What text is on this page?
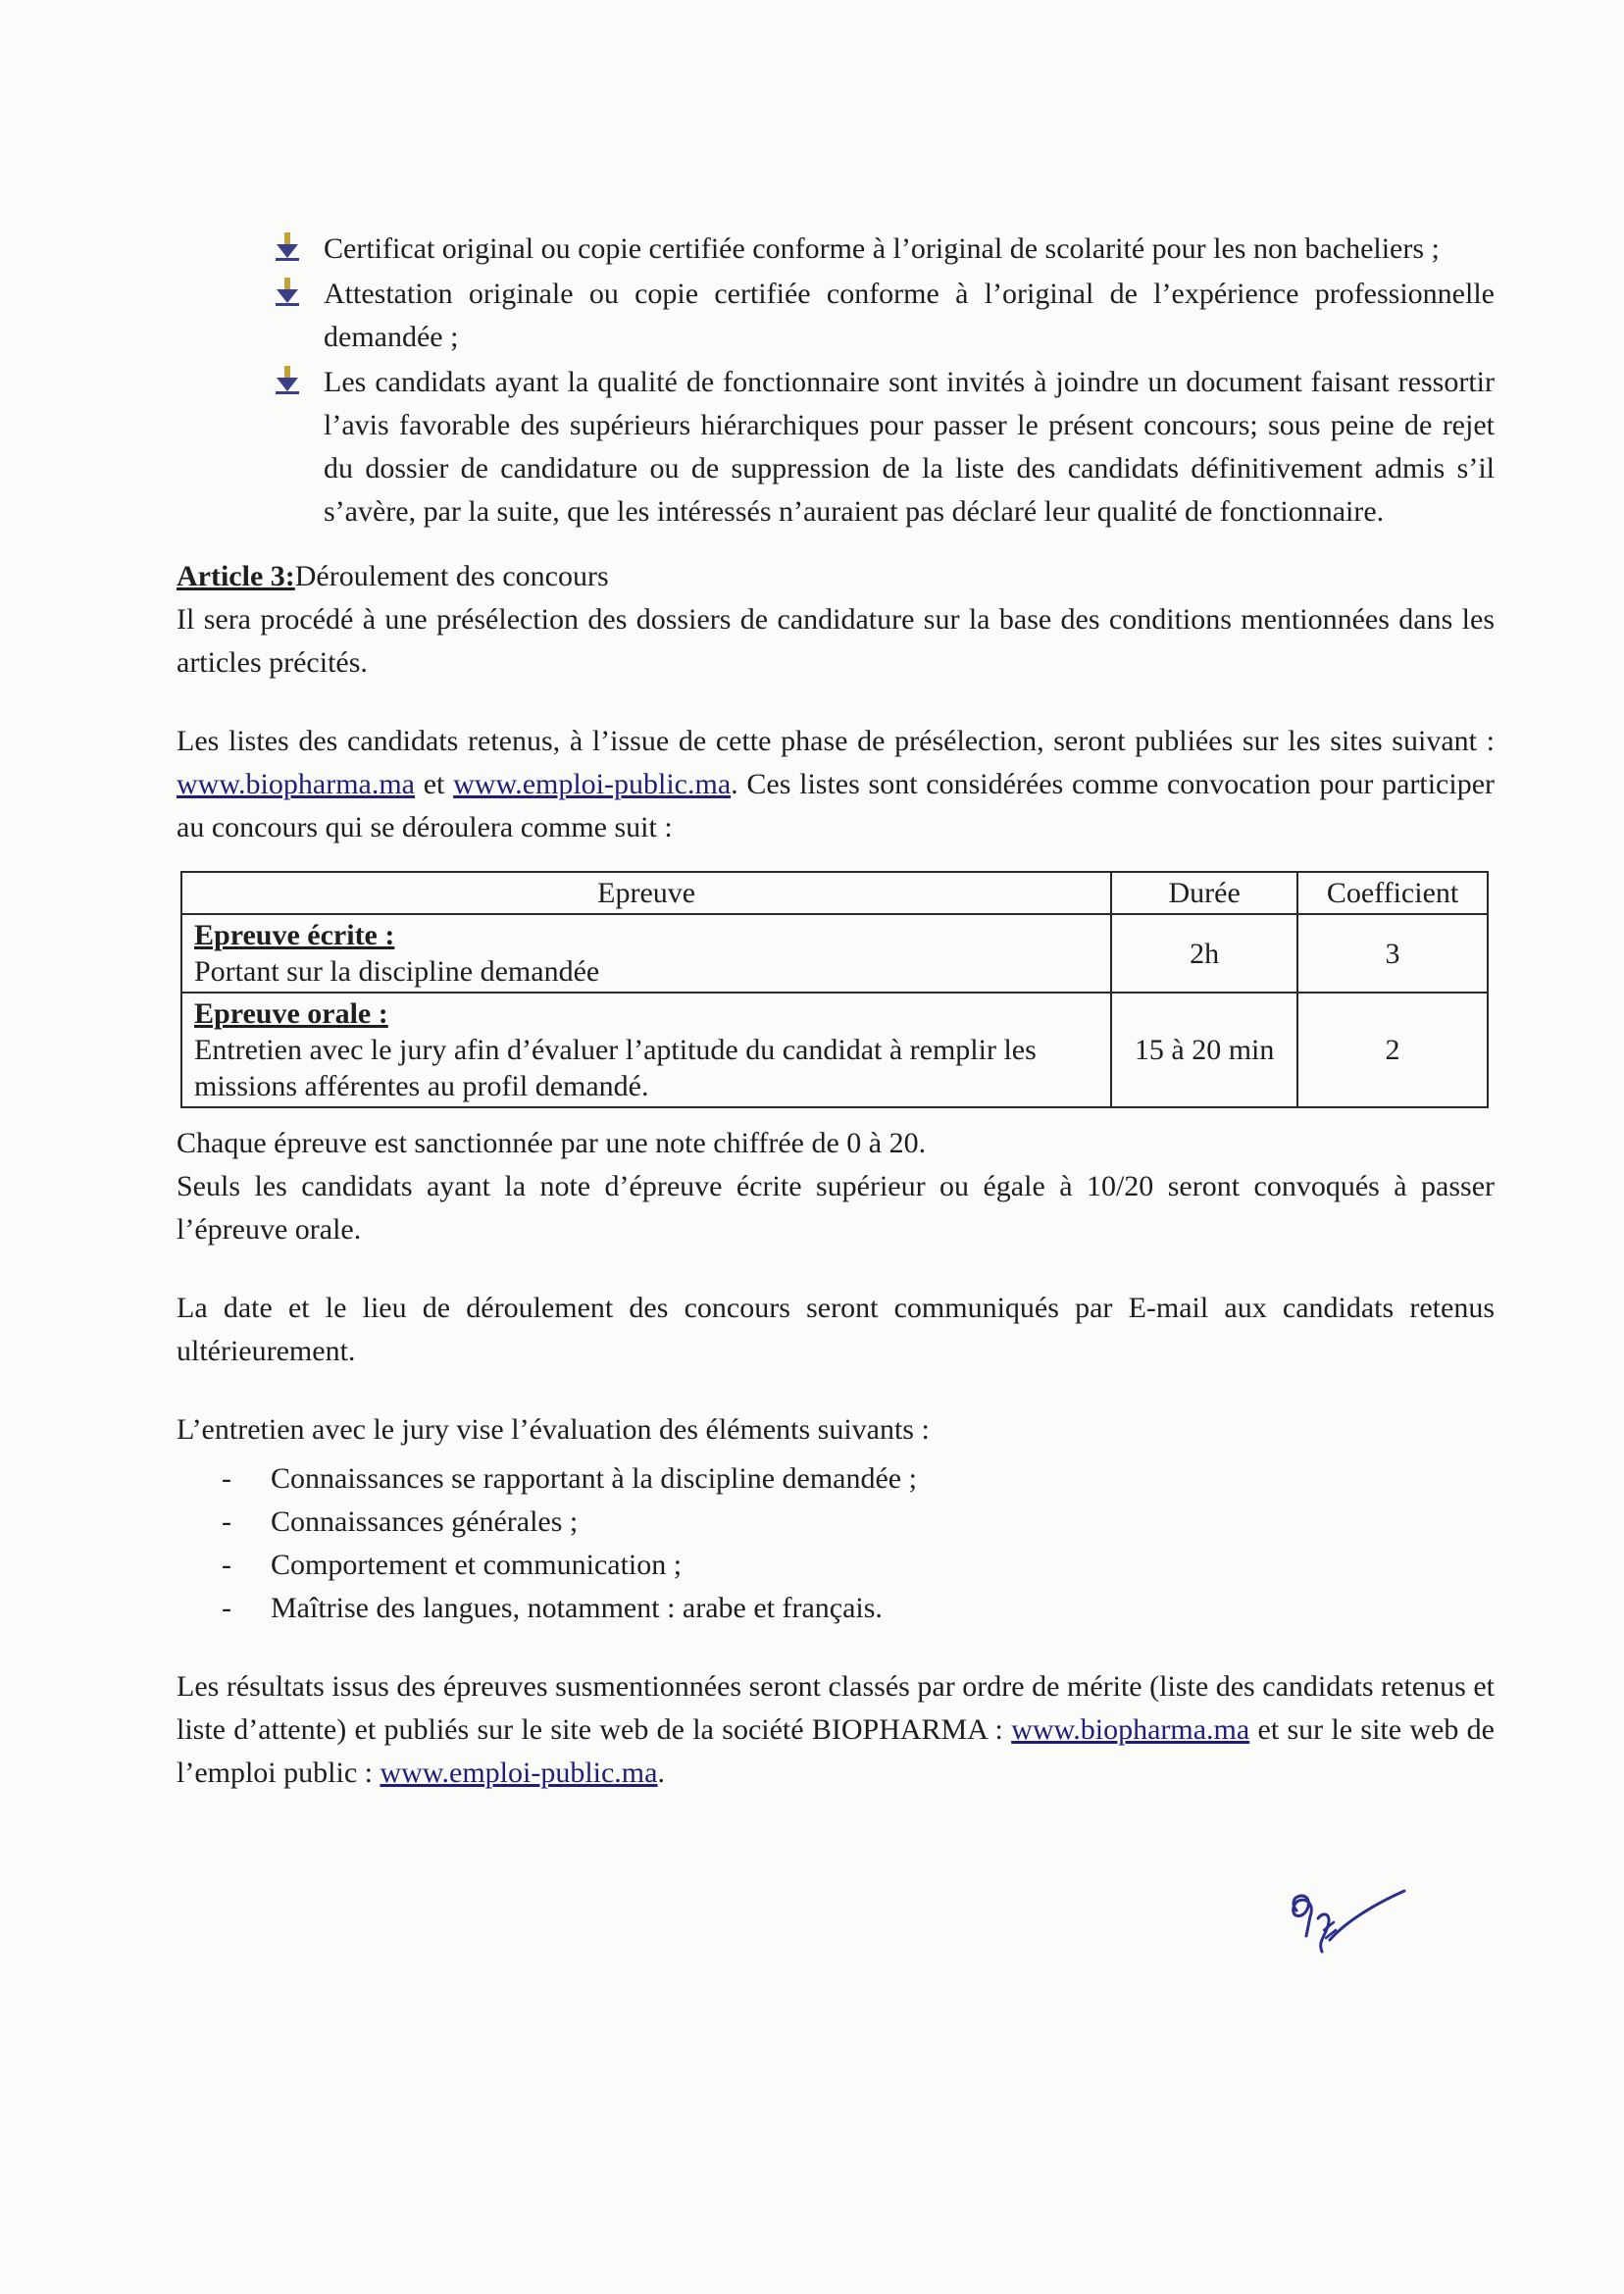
Certificat original ou copie certifiée conforme à l’original de scolarité pour les non bacheliers ;
Attestation originale ou copie certifiée conforme à l’original de l’expérience professionnelle demandée ;
Les candidats ayant la qualité de fonctionnaire sont invités à joindre un document faisant ressortir l’avis favorable des supérieurs hiérarchiques pour passer le présent concours; sous peine de rejet du dossier de candidature ou de suppression de la liste des candidats définitivement admis s’il s’avère, par la suite, que les intéressés n’auraient pas déclaré leur qualité de fonctionnaire.
Article 3:Déroulement des concours

Il sera procédé à une présélection des dossiers de candidature sur la base des conditions mentionnées dans les articles précités.

Les listes des candidats retenus, à l’issue de cette phase de présélection, seront publiées sur les sites suivant : www.biopharma.ma et www.emploi-public.ma. Ces listes sont considérées comme convocation pour participer au concours qui se déroulera comme suit :

Epreuve	Durée	Coefficient

Epreuve écrite :
Portant sur la discipline demandée	2h	3

Epreuve orale :
Entretien avec le jury afin d’évaluer l’aptitude du candidat à remplir les missions afférentes au profil demandé.	15 à 20 min	2

Chaque épreuve est sanctionnée par une note chiffrée de 0 à 20.

Seuls les candidats ayant la note d’épreuve écrite supérieur ou égale à 10/20 seront convoqués à passer l’épreuve orale.

La date et le lieu de déroulement des concours seront communiqués par E-mail aux candidats retenus ultérieurement.

L’entretien avec le jury vise l’évaluation des éléments suivants :

- Connaissances se rapportant à la discipline demandée ;
- Connaissances générales ;
- Comportement et communication ;
- Maîtrise des langues, notamment : arabe et français.

Les résultats issus des épreuves susmentionnées seront classés par ordre de mérite (liste des candidats retenus et liste d’attente) et publiés sur le site web de la société BIOPHARMA : www.biopharma.ma et sur le site web de l’emploi public : www.emploi-public.ma.
